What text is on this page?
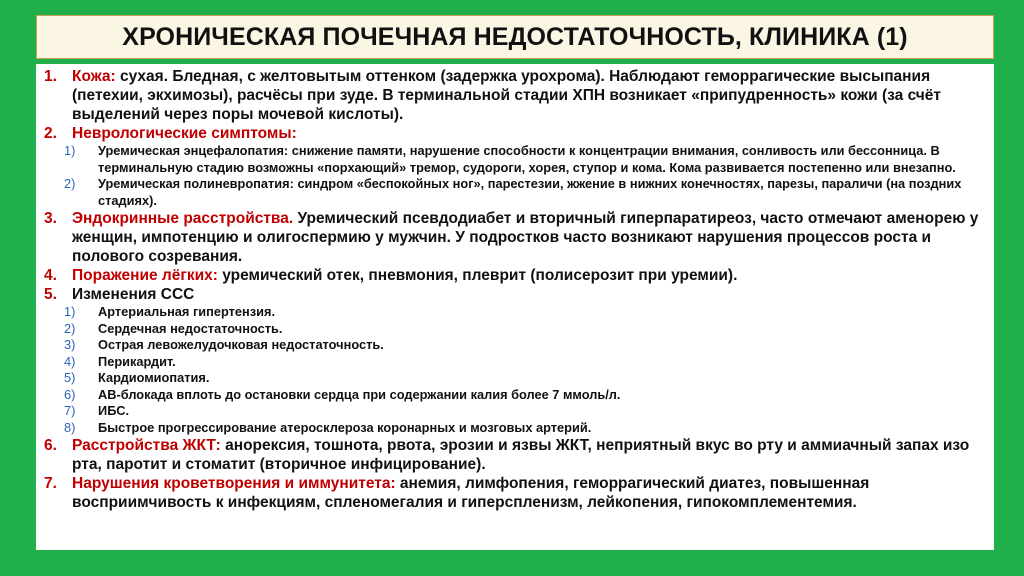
ХРОНИЧЕСКАЯ ПОЧЕЧНАЯ НЕДОСТАТОЧНОСТЬ, КЛИНИКА (1)
1. Кожа: сухая. Бледная, с желтовытым оттенком (задержка урохрома). Наблюдают геморрагические высыпания (петехии, экхимозы), расчёсы при зуде. В терминальной стадии ХПН возникает «припудренность» кожи (за счёт выделений через поры мочевой кислоты).
2. Неврологические симптомы:
1)	Уремическая энцефалопатия: снижение памяти, нарушение способности к концентрации внимания, сонливость или бессонница. В терминальную стадию возможны «порхающий» тремор, судороги, хорея, ступор и кома. Кома развивается постепенно или внезапно.
2)	Уремическая полиневропатия: синдром «беспокойных ног», парестезии, жжение в нижних конечностях, парезы, параличи (на поздних стадиях).
3. Эндокринные расстройства. Уремический псевдодиабет и вторичный гиперпаратиреоз, часто отмечают аменорею у женщин, импотенцию и олигоспермию у мужчин. У подростков часто возникают нарушения процессов роста и полового созревания.
4. Поражение лёгких: уремический отек, пневмония, плеврит (полисерозит при уремии).
5. Изменения ССС
1)	Артериальная гипертензия.
2)	Сердечная недостаточность.
3)	Острая левожелудочковая недостаточность.
4)	Перикардит.
5)	Кардиомиопатия.
6)	АВ-блокада вплоть до остановки сердца при содержании калия более 7 ммоль/л.
7)	ИБС.
8)	Быстрое прогрессирование атеросклероза коронарных и мозговых артерий.
6. Расстройства ЖКТ: анорексия, тошнота, рвота, эрозии и язвы ЖКТ, неприятный вкус во рту и аммиачный запах изо рта, паротит и стоматит (вторичное инфицирование).
7. Нарушения кроветворения и иммунитета: анемия, лимфопения, геморрагический диатез, повышенная восприимчивость к инфекциям, спленомегалия и гиперспленизм, лейкопения, гипокомплементемия.
